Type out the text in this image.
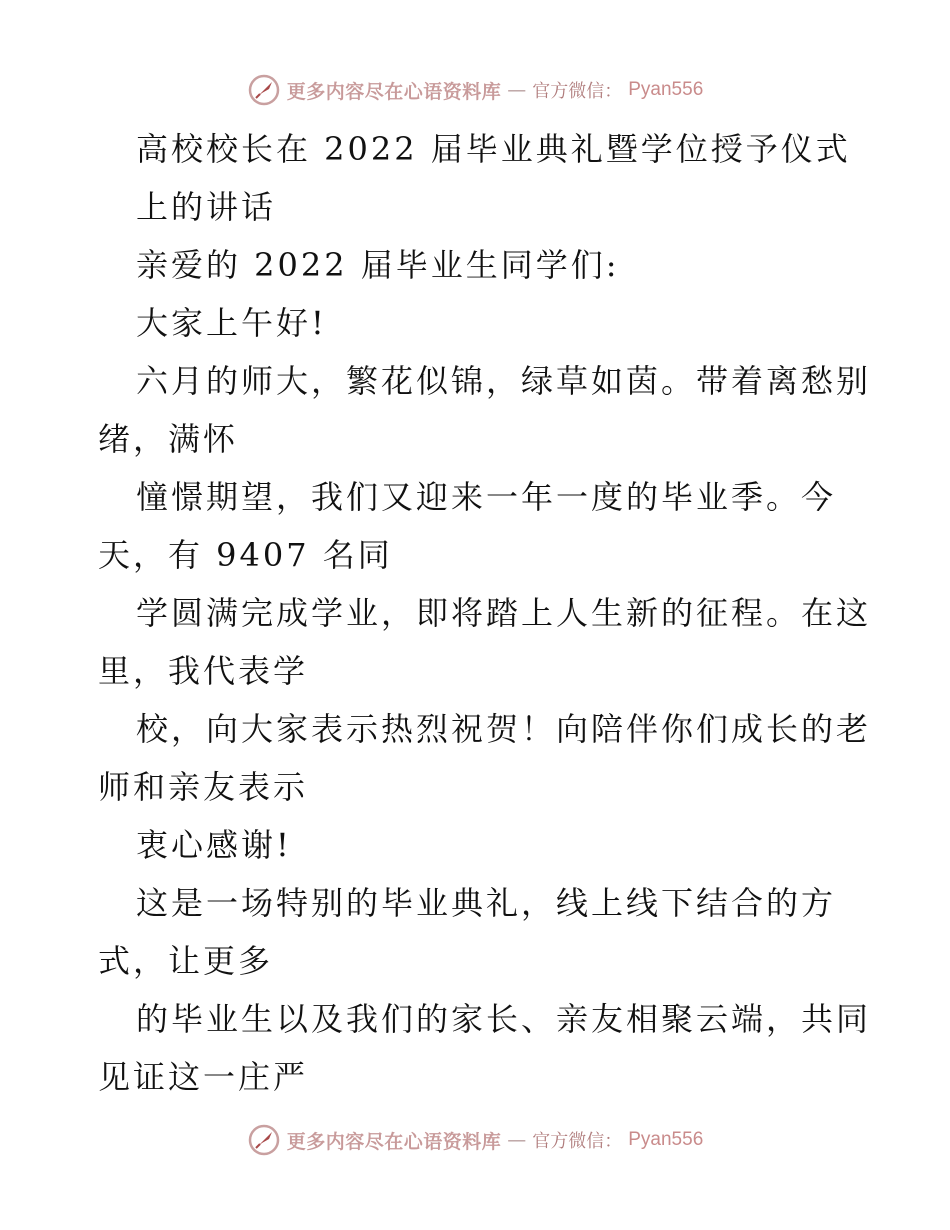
更多内容尽在心语资料库 — 官方微信： Pyan556
高校校长在 2022 届毕业典礼暨学位授予仪式
上的讲话
亲爱的 2022 届毕业生同学们:
大家上午好!
六月的师大，繁花似锦，绿草如茵。带着离愁别
绪，满怀
憧憬期望，我们又迎来一年一度的毕业季。今
天，有 9407 名同
学圆满完成学业，即将踏上人生新的征程。在这
里，我代表学
校，向大家表示热烈祝贺！向陪伴你们成长的老
师和亲友表示
衷心感谢!
这是一场特别的毕业典礼，线上线下结合的方
式，让更多
的毕业生以及我们的家长、亲友相聚云端，共同
见证这一庄严
更多内容尽在心语资料库 — 官方微信： Pyan556
